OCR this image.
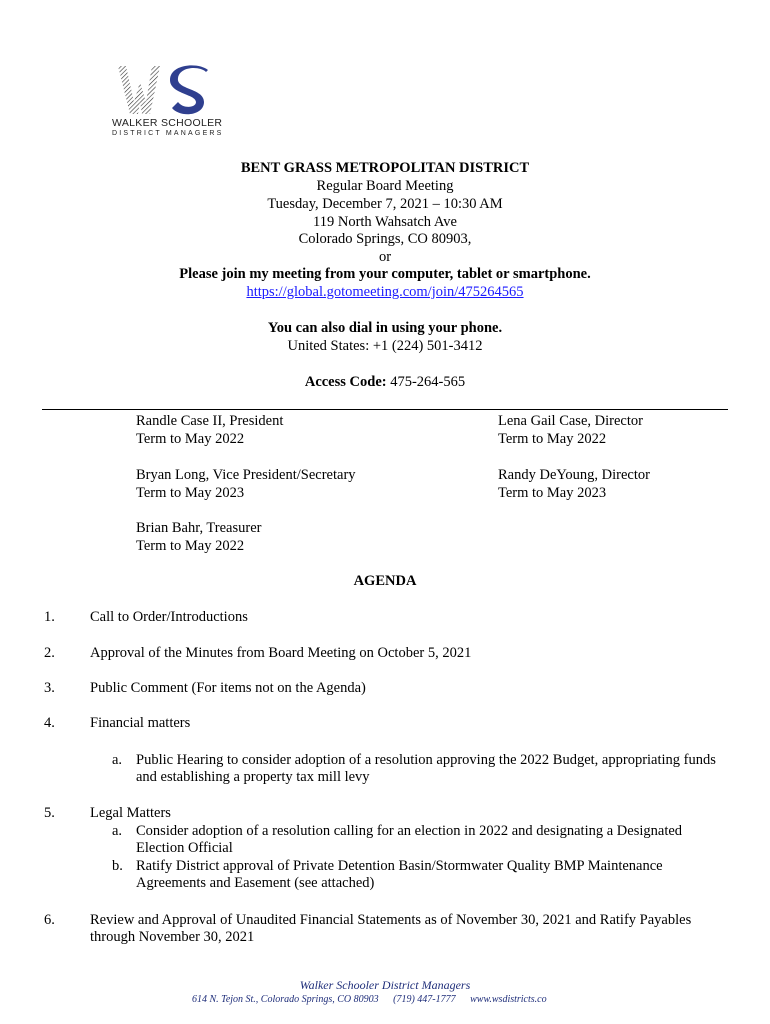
WALKER SCHOOLER
DISTRICT MANAGERS
BENT GRASS METROPOLITAN DISTRICT
Regular Board Meeting
Tuesday, December 7, 2021 – 10:30 AM
119 North Wahsatch Ave
Colorado Springs, CO 80903,
or
Please join my meeting from your computer, tablet or smartphone.
https://global.gotomeeting.com/join/475264565
You can also dial in using your phone.
United States: +1 (224) 501-3412
Access Code: 475-264-565
Randle Case II, President
Term to May 2022
Bryan Long, Vice President/Secretary
Term to May 2023
Brian Bahr, Treasurer
Term to May 2022
Lena Gail Case, Director
Term to May 2022
Randy DeYoung, Director
Term to May 2023
AGENDA
1. Call to Order/Introductions
2. Approval of the Minutes from Board Meeting on October 5, 2021
3. Public Comment (For items not on the Agenda)
4. Financial matters
a. Public Hearing to consider adoption of a resolution approving the 2022 Budget, appropriating funds and establishing a property tax mill levy
5. Legal Matters
a. Consider adoption of a resolution calling for an election in 2022 and designating a Designated Election Official
b. Ratify District approval of Private Detention Basin/Stormwater Quality BMP Maintenance Agreements and Easement (see attached)
6. Review and Approval of Unaudited Financial Statements as of November 30, 2021 and Ratify Payables through November 30, 2021
Walker Schooler District Managers
614 N. Tejon St., Colorado Springs, CO 80903 (719) 447-1777 www.wsdistricts.co
